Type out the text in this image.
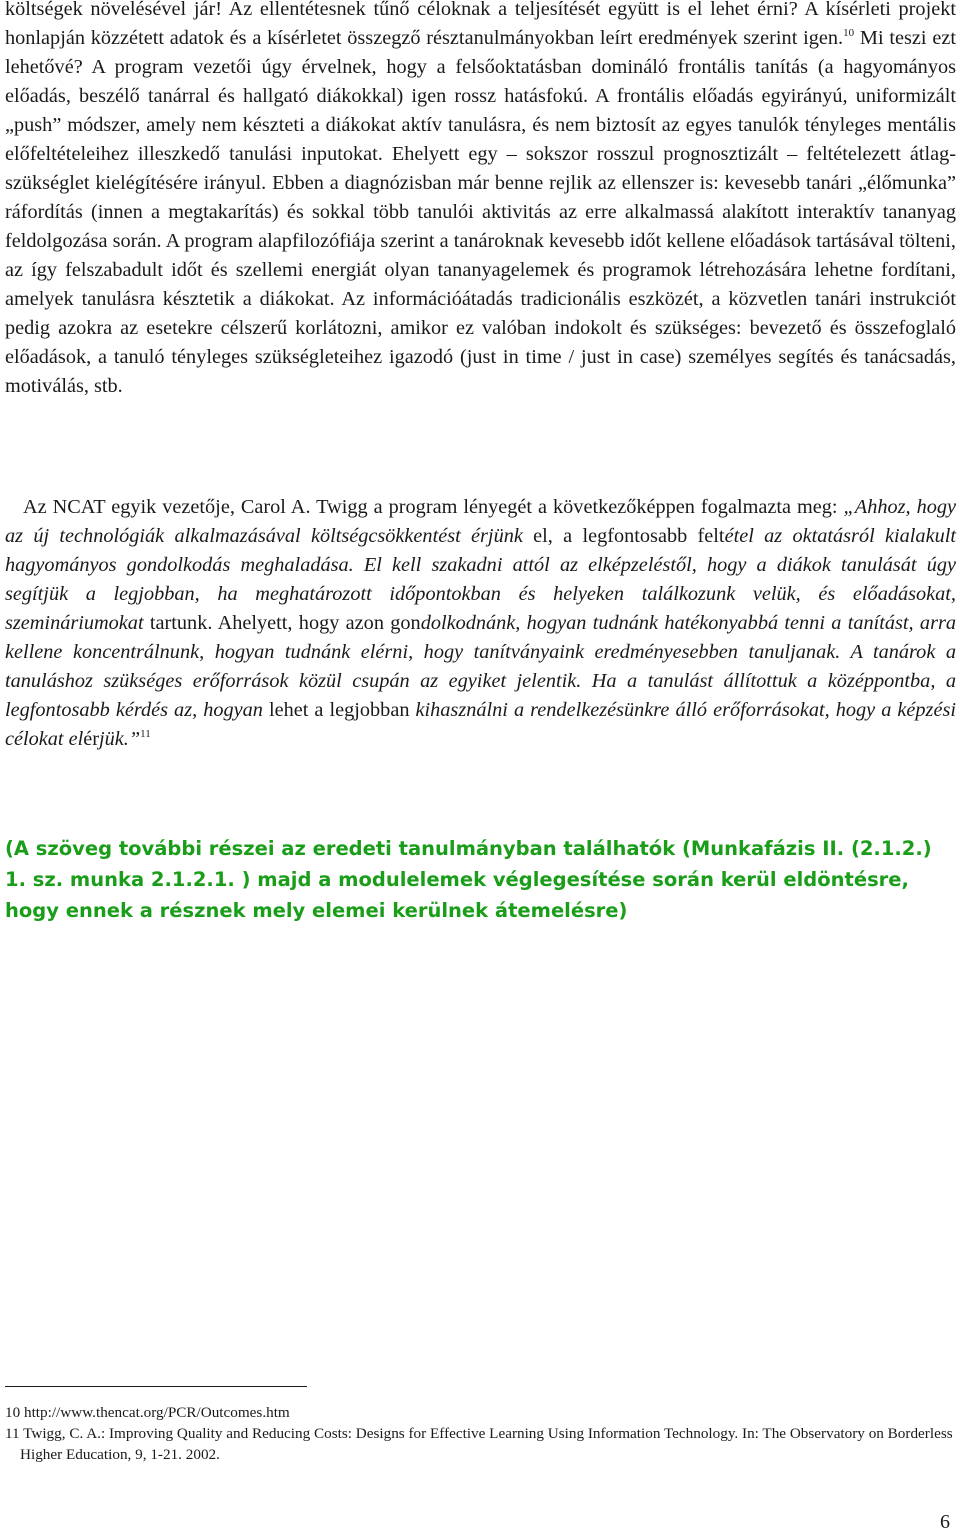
költségek növelésével jár! Az ellentétesnek tűnő céloknak a teljesítését együtt is el lehet érni? A kísérleti projekt honlapján közzétett adatok és a kísérletet összegző résztanulmányokban leírt eredmények szerint igen.$^{10}$ Mi teszi ezt lehetővé? A program vezetői úgy érvelnek, hogy a felsőoktatásban domináló frontális tanítás (a hagyományos előadás, beszélő tanárral és hallgató diákokkal) igen rossz hatásfokú. A frontális előadás egyirányú, uniformizált „push” módszer, amely nem készteti a diákokat aktív tanulásra, és nem biztosít az egyes tanulók tényleges mentális előfeltételeihez illeszkedő tanulási inputokat. Ehelyett egy – sokszor rosszul prognosztizált – feltételezett átlag-szükséglet kielégítésére irányul. Ebben a diagnózisban már benne rejlik az ellenszer is: kevesebb tanári „élőmunka” ráfordítás (innen a megtakarítás) és sokkal több tanulói aktivitás az erre alkalmassá alakított interaktív tananyag feldolgozása során. A program alapfilozófiája szerint a tanároknak kevesebb időt kellene előadások tartásával tölteni, az így felszabadult időt és szellemi energiát olyan tananyagelemek és programok létrehozására lehetne fordítani, amelyek tanulásra késztetik a diákokat. Az információátadás tradicionális eszközét, a közvetlen tanári instrukciót pedig azokra az esetekre célszerű korlátozni, amikor ez valóban indokolt és szükséges: bevezető és összefoglaló előadások, a tanuló tényleges szükségleteihez igazodó (just in time / just in case) személyes segítés és tanácsadás, motiválás, stb.

Az NCAT egyik vezetője, Carol A. Twigg a program lényegét a következőképpen fogalmazta meg: „Ahhoz, hogy az új technológiák alkalmazásával költségcsökkentést érjünk el, a legfontosabb feltétel az oktatásról kialakult hagyományos gondolkodás meghaladása. El kell szakadni attól az elképzeléstől, hogy a diákok tanulását úgy segítjük a legjobban, ha meghatározott időpontokban és helyeken találkozunk velük, és előadásokat, szemináriumokat tartunk. Ahelyett, hogy azon gondolkodnánk, hogyan tudnánk hatékonyabbá tenni a tanítást, arra kellene koncentrálnunk, hogyan tudnánk elérni, hogy tanítványaink eredményesebben tanuljanak. A tanárok a tanuláshoz szükséges erőforrások közül csupán az egyiket jelentik. Ha a tanulást állítottuk a középpontba, a legfontosabb kérdés az, hogyan lehet a legjobban kihasználni a rendelkezésünkre álló erőforrásokat, hogy a képzési célokat elérjük.”$^{11}$

(A szöveg további részei az eredeti tanulmányban találhatók (Munkafázis II. (2.1.2.) 1. sz. munka 2.1.2.1. ) majd a modulelemek véglegesítése során kerül eldöntésre, hogy ennek a résznek mely elemei kerülnek átemelésre)

10 http://www.thencat.org/PCR/Outcomes.htm

11 Twigg, C. A.: Improving Quality and Reducing Costs: Designs for Effective Learning Using Information Technology. In: The Observatory on Borderless Higher Education, 9, 1-21. 2002.

6
